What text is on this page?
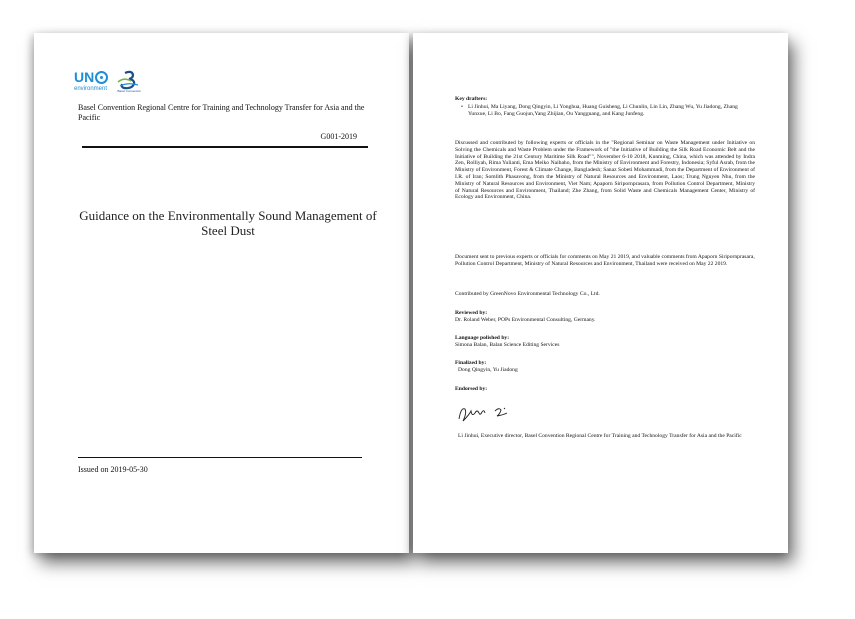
UN
environment	Basel Convention
Basel Convention Regional Centre for Training and Technology Transfer for Asia and the Pacific
G001-2019
Guidance on the Environmentally Sound Management of Steel Dust
Issued on 2019-05-30
Key drafters:
• Li Jinhui, Ma Liyang, Dong Qingyin, Li Yonghua, Huang Guisheng, Li Chunlin, Lin Lin, Zhang Wu, Yu Jiadong, Zhang Yunxue, Li Bo, Fang Guojun,Yang Zhijian, Ou Yangguang, and Kang Junfeng.
Discussed and contributed by following experts or officials in the "Regional Seminar on Waste Management under Initiative on Solving the Chemicals and Waste Problem under the Framework of "the Initiative of Building the Silk Road Economic Belt and the Initiative of Building the 21st Century Maritime Silk Road"", November 6-10 2018, Kunming, China, which was attended by Indra Zen, Rolliyah, Rima Yulianti, Ema Meiko Naibaho, from the Ministry of Environment and Forestry, Indonesia; Syful Asrab, from the Ministry of Environment, Forest & Climate Change, Bangladesh; Sanaz Sobeti Mohammadi, from the Department of Environment of I.R. of Iran; Somlith Phasavong, from the Ministry of Natural Resources and Environment, Laos; Trung Nguyen Nhu, from the Ministry of Natural Resources and Environment, Viet Nam; Apaporn Siripornprasara, from Pollution Control Department, Ministry of Natural Resources and Environment, Thailand; Zhe Zhang, from Solid Waste and Chemicals Management Center, Ministry of Ecology and Environment, China.
Document sent to previous experts or officials for comments on May 21 2019, and valuable comments from Apaporn Siripornprasara, Pollution Control Department, Ministry of Natural Resources and Environment, Thailand were received on May 22 2019.
Contributed by GreenNovo Environmental Technology Co., Ltd.
Reviewed by:
Dr. Roland Weber, POPs Environmental Consulting, Germany.
Language polished by:
Simona Balan, Balan Science Editing Services
Finalized by:
Dong Qingyin, Yu Jiadong
Endorsed by:
Li Jinhui, Executive director, Basel Convention Regional Centre for Training and Technology Transfer for Asia and the Pacific
